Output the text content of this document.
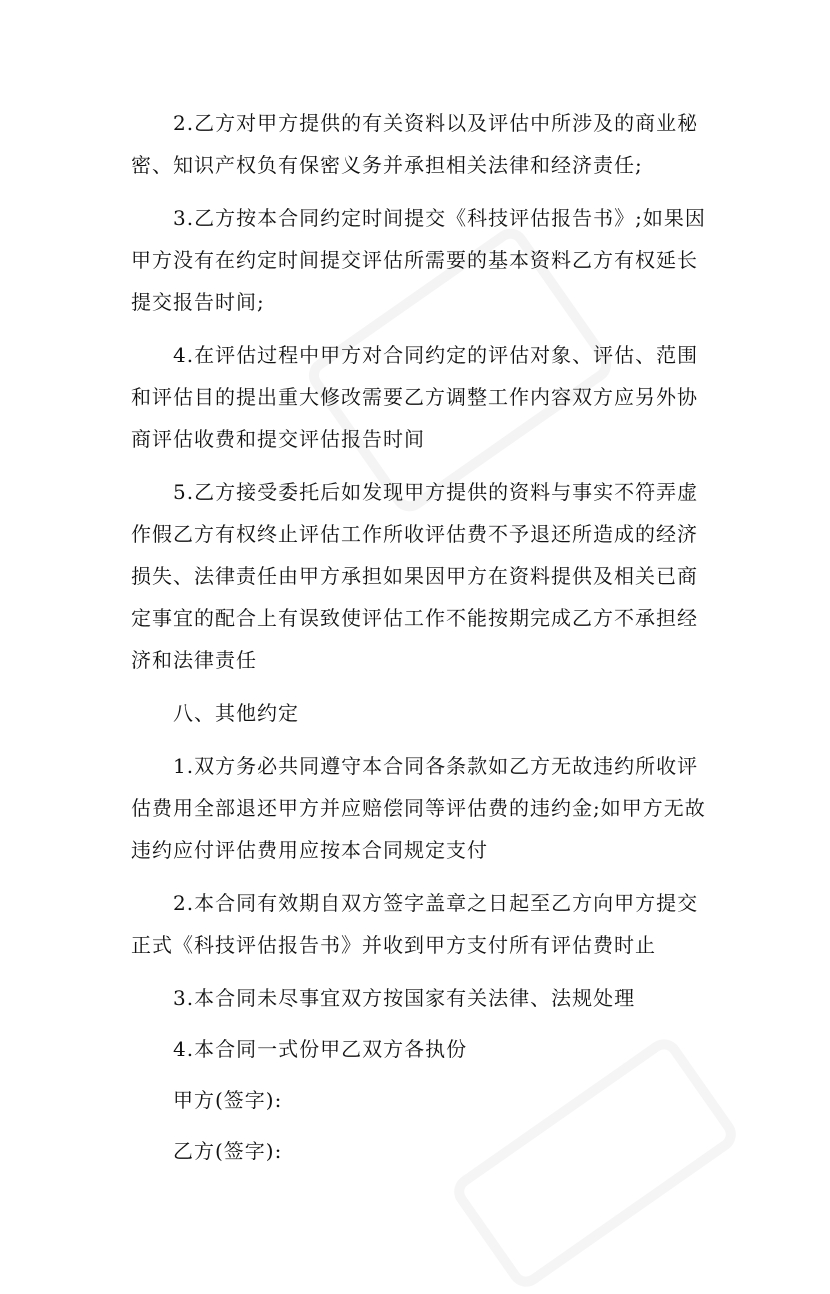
2.乙方对甲方提供的有关资料以及评估中所涉及的商业秘密、知识产权负有保密义务并承担相关法律和经济责任;

3.乙方按本合同约定时间提交《科技评估报告书》;如果因甲方没有在约定时间提交评估所需要的基本资料乙方有权延长提交报告时间;

4.在评估过程中甲方对合同约定的评估对象、评估、范围和评估目的提出重大修改需要乙方调整工作内容双方应另外协商评估收费和提交评估报告时间

5.乙方接受委托后如发现甲方提供的资料与事实不符弄虚作假乙方有权终止评估工作所收评估费不予退还所造成的经济损失、法律责任由甲方承担如果因甲方在资料提供及相关已商定事宜的配合上有误致使评估工作不能按期完成乙方不承担经济和法律责任

八、其他约定

1.双方务必共同遵守本合同各条款如乙方无故违约所收评估费用全部退还甲方并应赔偿同等评估费的违约金;如甲方无故违约应付评估费用应按本合同规定支付

2.本合同有效期自双方签字盖章之日起至乙方向甲方提交正式《科技评估报告书》并收到甲方支付所有评估费时止

3.本合同未尽事宜双方按国家有关法律、法规处理

4.本合同一式份甲乙双方各执份

甲方(签字):

乙方(签字):
